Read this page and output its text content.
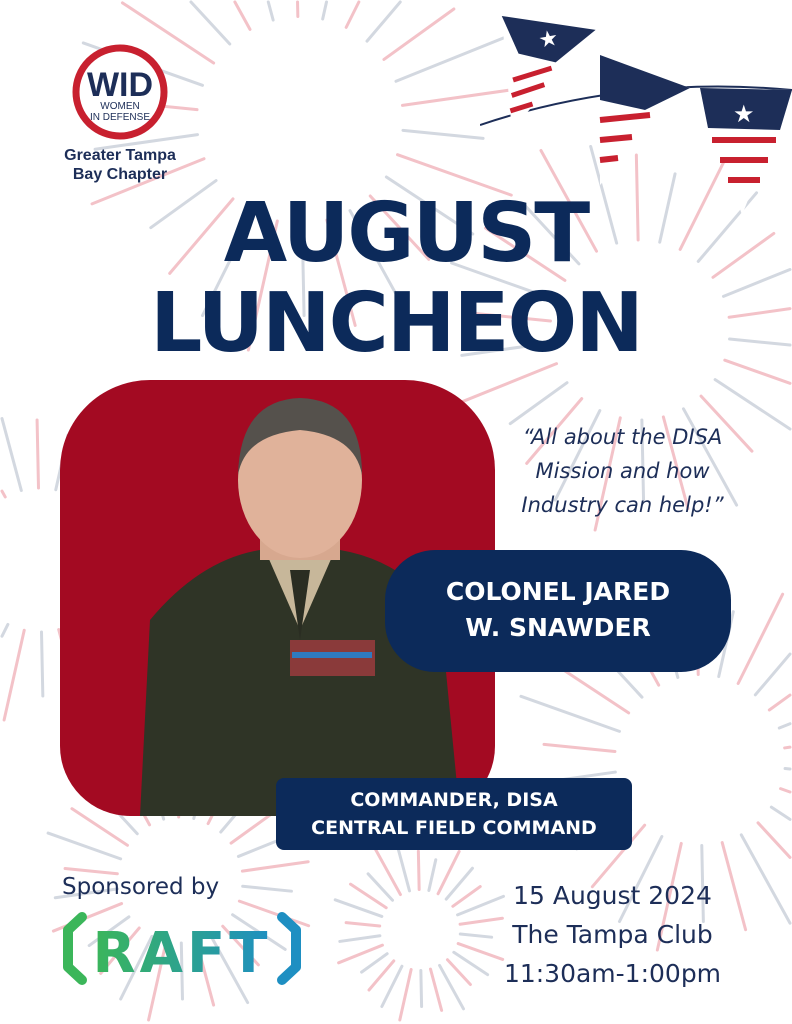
WID
WOMEN
IN DEFENSE
Greater Tampa
Bay Chapter
★
★
AUGUST
LUNCHEON
“All about the DISA
Mission and how
Industry can help!”
COLONEL JARED
W. SNAWDER
COMMANDER, DISA
CENTRAL FIELD COMMAND
Sponsored by
RAFT
15 August 2024
The Tampa Club
11:30am-1:00pm
